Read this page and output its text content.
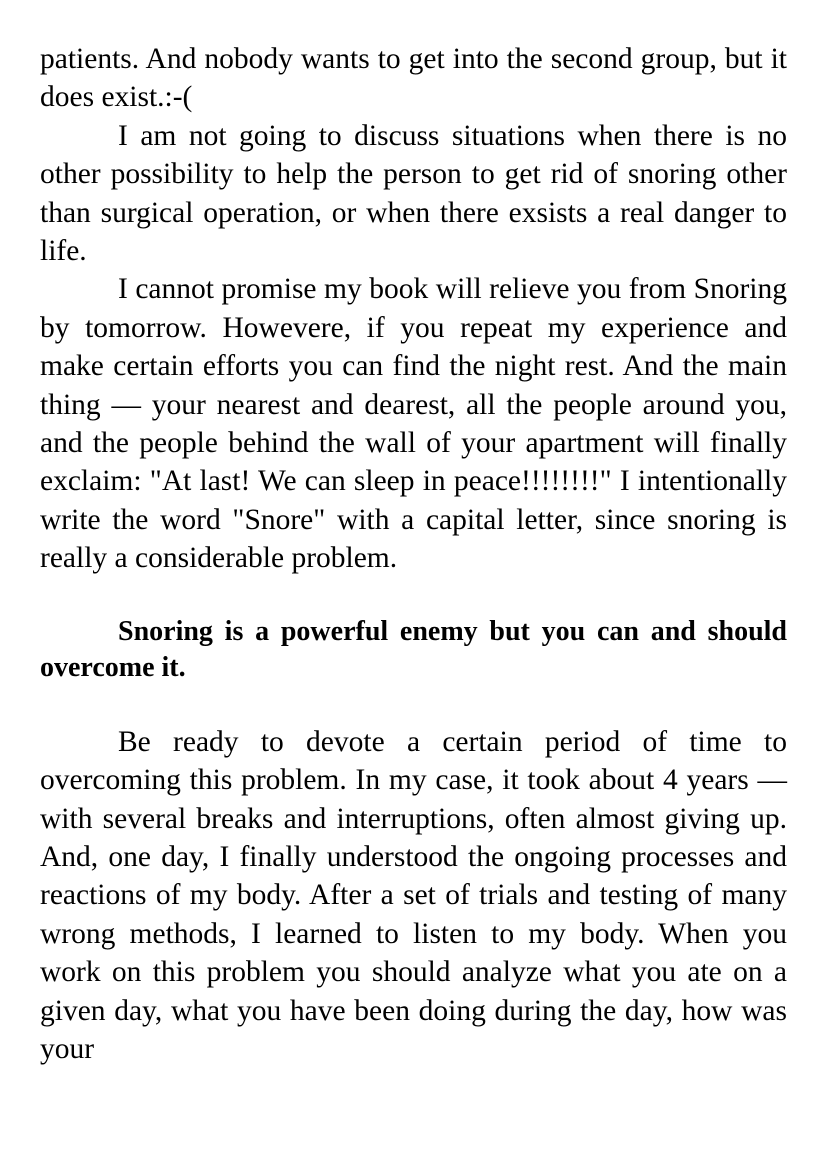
patients. And nobody wants to get into the second group, but it does exist.:-(

I am not going to discuss situations when there is no other possibility to help the person to get rid of snoring other than surgical operation, or when there exsists a real danger to life.

I cannot promise my book will relieve you from Snoring by tomorrow. Howevere, if you repeat my experience and make certain efforts you can find the night rest. And the main thing — your nearest and dearest, all the people around you, and the people behind the wall of your apartment will finally exclaim: "At last! We can sleep in peace!!!!!!!!" I intentionally write the word "Snore" with a capital letter, since snoring is really a considerable problem.

Snoring is a powerful enemy but you can and should overcome it.

Be ready to devote a certain period of time to overcoming this problem. In my case, it took about 4 years — with several breaks and interruptions, often almost giving up. And, one day, I finally understood the ongoing processes and reactions of my body. After a set of trials and testing of many wrong methods, I learned to listen to my body. When you work on this problem you should analyze what you ate on a given day, what you have been doing during the day, how was your
